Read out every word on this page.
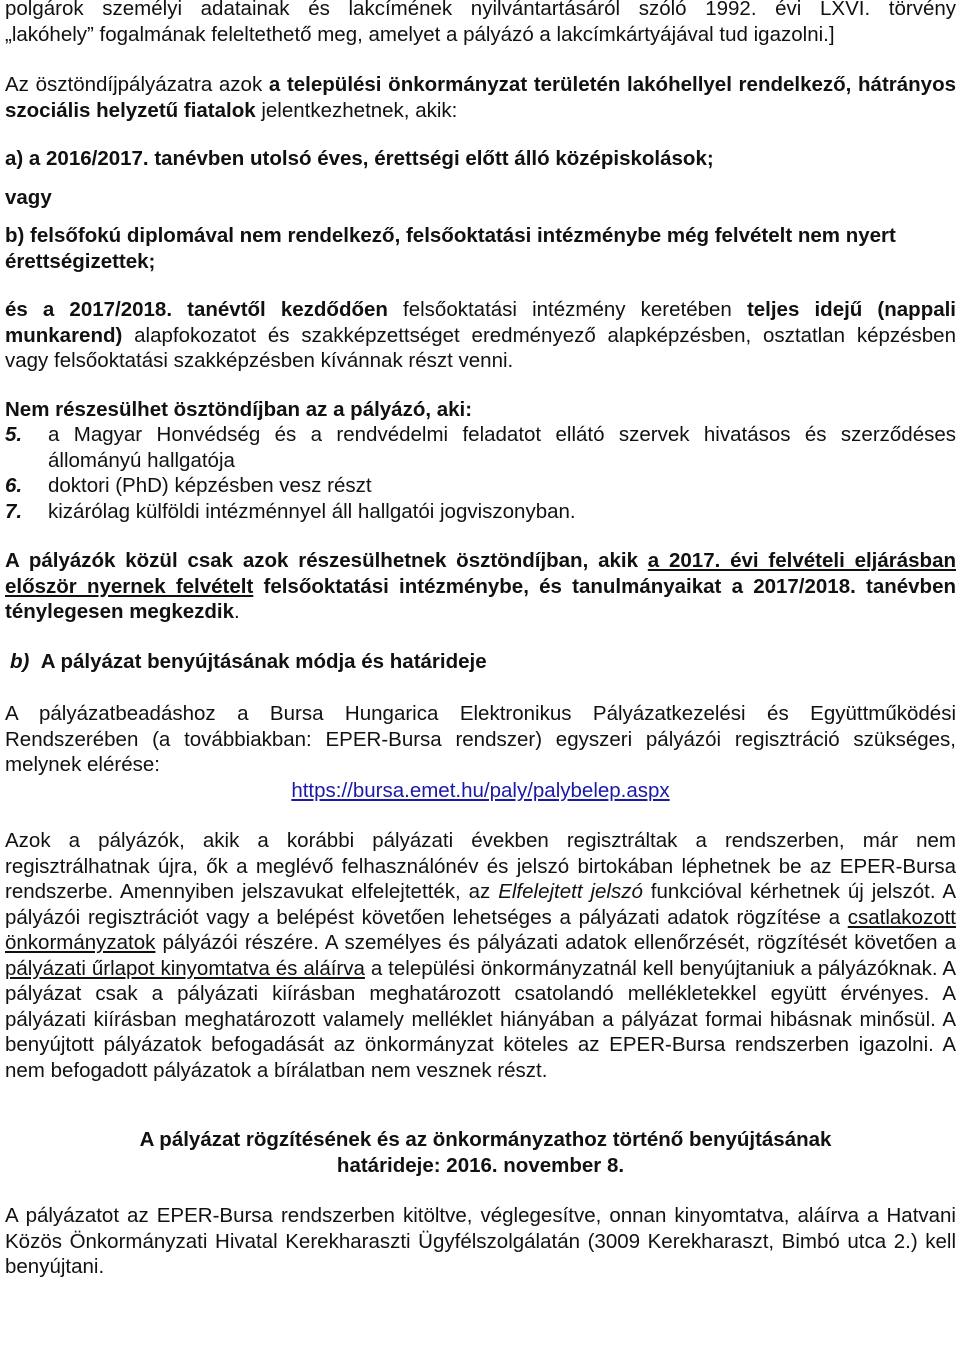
polgárok személyi adatainak és lakcímének nyilvántartásáról szóló 1992. évi LXVI. törvény

„lakóhely” fogalmának feleltethető meg, amelyet a pályázó a lakcímkártyájával tud igazolni.]

Az ösztöndíjpályázatra azok a települési önkormányzat területén lakóhellyel rendelkező, hátrányos szociális helyzetű fiatalok jelentkezhetnek, akik:

a) a 2016/2017. tanévben utolsó éves, érettségi előtt álló középiskolások;

vagy

b) felsőfokú diplomával nem rendelkező, felsőoktatási intézménybe még felvételt nem nyert érettségizettek;

és a 2017/2018. tanévtől kezdődően felsőoktatási intézmény keretében teljes idejű (nappali munkarend) alapfokozatot és szakképzettséget eredményező alapképzésben, osztatlan képzésben vagy felsőoktatási szakképzésben kívánnak részt venni.

Nem részesülhet ösztöndíjban az a pályázó, aki:

5.	a Magyar Honvédség és a rendvédelmi feladatot ellátó szervek hivatásos és szerződéses állományú hallgatója
6.	doktori (PhD) képzésben vesz részt
7.	kizárólag külföldi intézménnyel áll hallgatói jogviszonyban.

A pályázók közül csak azok részesülhetnek ösztöndíjban, akik a 2017. évi felvételi eljárásban először nyernek felvételt felsőoktatási intézménybe, és tanulmányaikat a 2017/2018. tanévben ténylegesen megkezdik.

b) A pályázat benyújtásának módja és határideje

A pályázatbeadáshoz a Bursa Hungarica Elektronikus Pályázatkezelési és Együttműködési Rendszerében (a továbbiakban: EPER-Bursa rendszer) egyszeri pályázói regisztráció szükséges, melynek elérése:

https://bursa.emet.hu/paly/palybelep.aspx

Azok a pályázók, akik a korábbi pályázati években regisztráltak a rendszerben, már nem regisztrálhatnak újra, ők a meglévő felhasználónév és jelszó birtokában léphetnek be az EPER-Bursa rendszerbe. Amennyiben jelszavukat elfelejtették, az Elfelejtett jelszó funkcióval kérhetnek új jelszót. A pályázói regisztrációt vagy a belépést követően lehetséges a pályázati adatok rögzítése a csatlakozott önkormányzatok pályázói részére. A személyes és pályázati adatok ellenőrzését, rögzítését követően a pályázati űrlapot kinyomtatva és aláírva a települési önkormányzatnál kell benyújtaniuk a pályázóknak. A pályázat csak a pályázati kiírásban meghatározott csatolandó mellékletekkel együtt érvényes. A pályázati kiírásban meghatározott valamely melléklet hiányában a pályázat formai hibásnak minősül. A benyújtott pályázatok befogadását az önkormányzat köteles az EPER-Bursa rendszerben igazolni. A nem befogadott pályázatok a bírálatban nem vesznek részt.

A pályázat rögzítésének és az önkormányzathoz történő benyújtásának

határideje: 2016. november 8.

A pályázatot az EPER-Bursa rendszerben kitöltve, véglegesítve, onnan kinyomtatva, aláírva a Hatvani Közös Önkormányzati Hivatal Kerekharaszti Ügyfélszolgálatán (3009 Kerekharaszt, Bimbó utca 2.) kell benyújtani.
